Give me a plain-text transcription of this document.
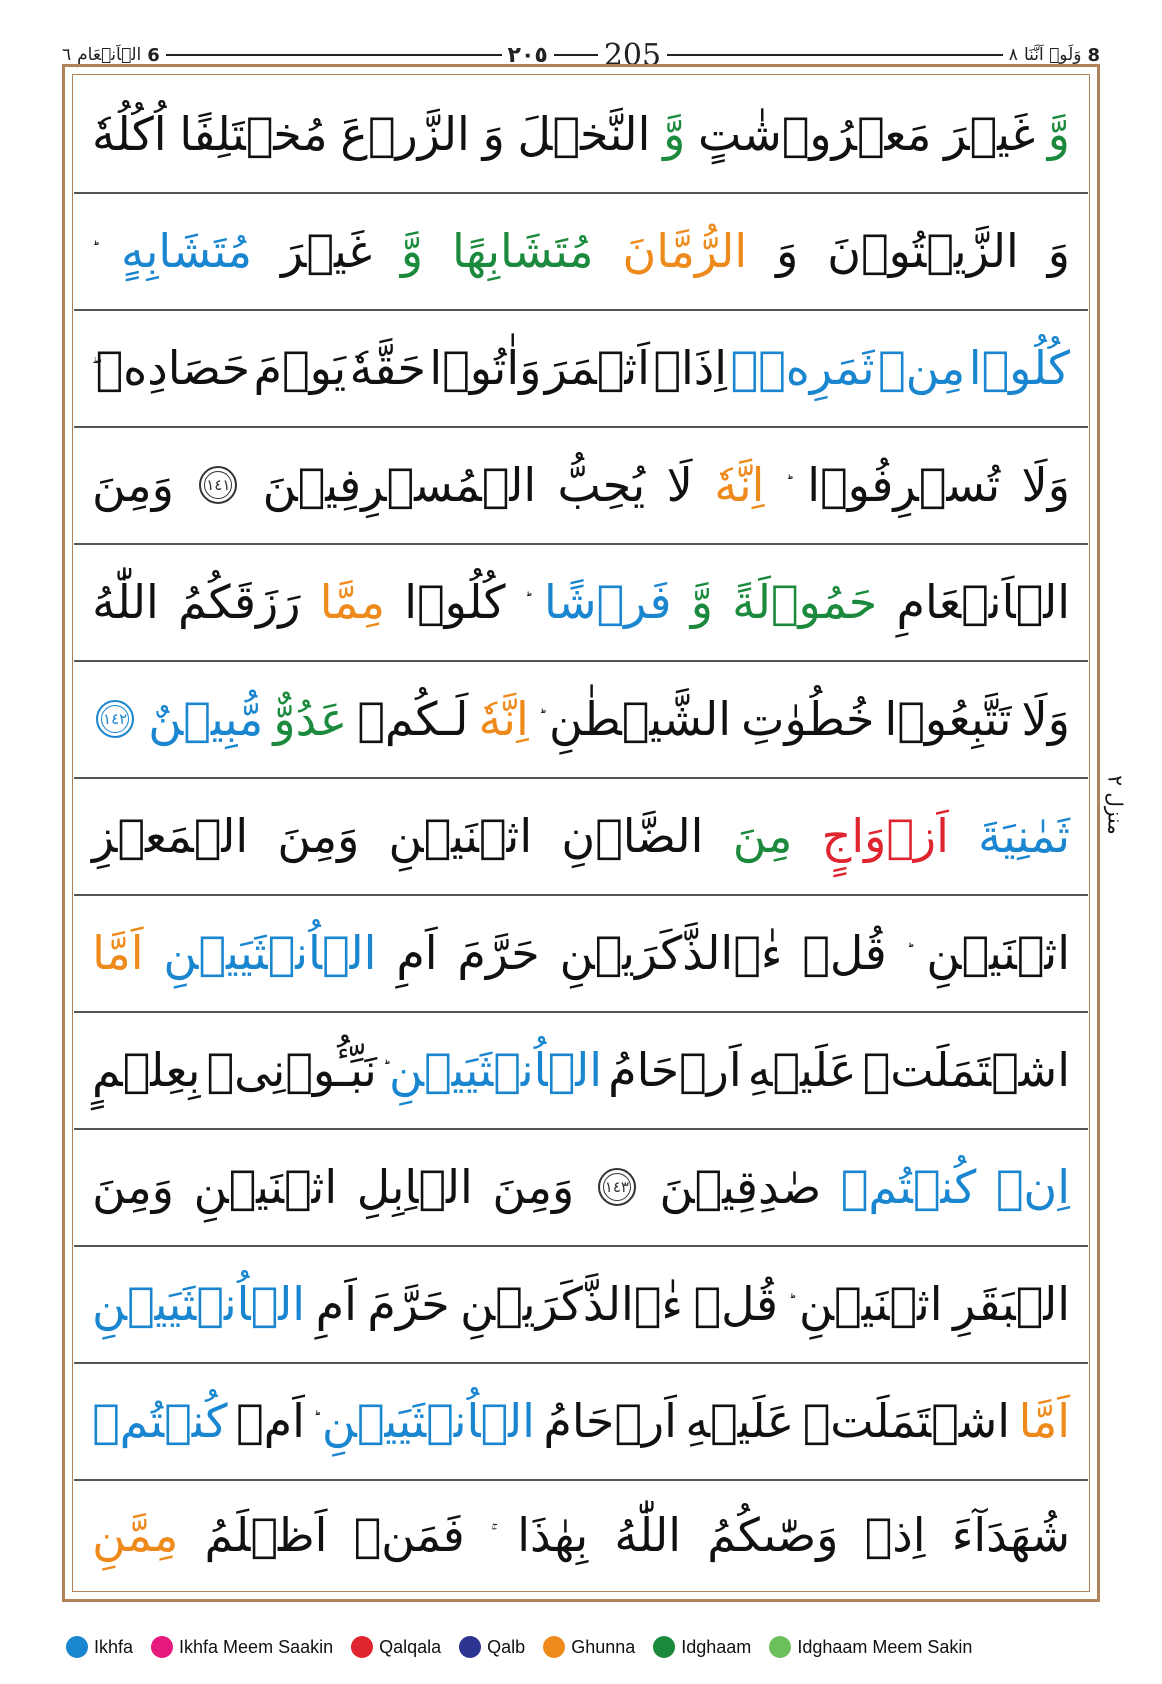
٦ الۡاَنۡعَامِ 6	٢٠٥ 205	٨ وَلَوۡ اَنَّنَا 8
وَّ
غَيۡرَ
مَعۡرُوۡشٰتٍ
وَّ
النَّخۡلَ
وَ
الزَّرۡعَ
مُخۡتَلِفًا
اُكُلُهٗ
وَ
الزَّيۡتُوۡنَ
وَ
الرُّمَّانَ
مُتَشَابِهًا
وَّ
غَيۡرَ
مُتَشَابِهٍ
كُلُوۡا
مِنۡ
ثَمَرِهٖۤ
اِذَاۤ
اَثۡمَرَ
وَاٰتُوۡا
حَقَّهٗ
يَوۡمَ
حَصَادِهٖ
وَلَا
تُسۡرِفُوۡا
اِنَّهٗ
لَا
يُحِبُّ
الۡمُسۡرِفِيۡنَ
١٤١
وَمِنَ
الۡاَنۡعَامِ
حَمُوۡلَةً
وَّ
فَرۡشًا
كُلُوۡا
مِمَّا
رَزَقَكُمُ
اللّٰهُ
وَلَا
تَتَّبِعُوۡا
خُطُوٰتِ
الشَّيۡطٰنِ
اِنَّهٗ
لَـكُمۡ
عَدُوٌّ
مُّبِيۡنٌ
١٤٢
ثَمٰنِيَةَ
اَزۡوَاجٍ
مِنَ
الضَّاۡنِ
اثۡنَيۡنِ
وَمِنَ
الۡمَعۡزِ
اثۡنَيۡنِ
قُلۡ
ءٰۤالذَّكَرَيۡنِ
حَرَّمَ
اَمِ
الۡاُنۡثَيَيۡنِ
اَمَّا
اشۡتَمَلَتۡ
عَلَيۡهِ
اَرۡحَامُ
الۡاُنۡثَيَيۡنِ
نَبِّـُٔوۡنِىۡ
بِعِلۡمٍ
اِنۡ
كُنۡتُمۡ
صٰدِقِيۡنَ
١٤٣
وَمِنَ
الۡاِبِلِ
اثۡنَيۡنِ
وَمِنَ
الۡبَقَرِ
اثۡنَيۡنِ
قُلۡ
ءٰۤالذَّكَرَيۡنِ
حَرَّمَ
اَمِ
الۡاُنۡثَيَيۡنِ
اَمَّا
اشۡتَمَلَتۡ
عَلَيۡهِ
اَرۡحَامُ
الۡاُنۡثَيَيۡنِ
اَمۡ
كُنۡتُمۡ
شُهَدَآءَ
اِذۡ
وَصّٰٮكُمُ
اللّٰهُ
بِهٰذَا
فَمَنۡ
اَظۡلَمُ
مِمَّنِ
منزل ٢
Ikhfa	Ikhfa Meem Saakin	Qalqala	Qalb	Ghunna	Idghaam	Idghaam Meem Sakin
